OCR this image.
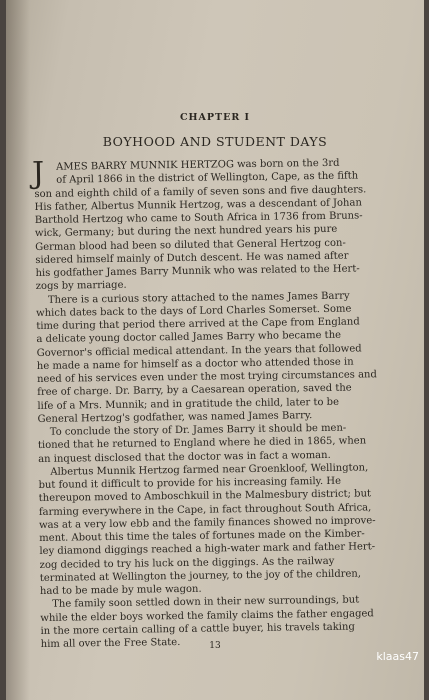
CHAPTER I
BOYHOOD AND STUDENT DAYS
J AMES BARRY MUNNIK HERTZOG was born on the 3rd
of April 1866 in the district of Wellington, Cape, as the fifth
son and eighth child of a family of seven sons and five daughters.
His father, Albertus Munnik Hertzog, was a descendant of Johan
Barthold Hertzog who came to South Africa in 1736 from Bruns-
wick, Germany; but during the next hundred years his pure
German blood had been so diluted that General Hertzog con-
sidered himself mainly of Dutch descent. He was named after
his godfather James Barry Munnik who was related to the Hert-
zogs by marriage.
There is a curious story attached to the names James Barry
which dates back to the days of Lord Charles Somerset. Some
time during that period there arrived at the Cape from England
a delicate young doctor called James Barry who became the
Governor's official medical attendant. In the years that followed
he made a name for himself as a doctor who attended those in
need of his services even under the most trying circumstances and
free of charge. Dr. Barry, by a Caesarean operation, saved the
life of a Mrs. Munnik; and in gratitude the child, later to be
General Hertzog's godfather, was named James Barry.
To conclude the story of Dr. James Barry it should be men-
tioned that he returned to England where he died in 1865, when
an inquest disclosed that the doctor was in fact a woman.
Albertus Munnik Hertzog farmed near Groenkloof, Wellington,
but found it difficult to provide for his increasing family. He
thereupon moved to Amboschkuil in the Malmesbury district; but
farming everywhere in the Cape, in fact throughout South Africa,
was at a very low ebb and the family finances showed no improve-
ment. About this time the tales of fortunes made on the Kimber-
ley diamond diggings reached a high-water mark and father Hert-
zog decided to try his luck on the diggings. As the railway
terminated at Wellington the journey, to the joy of the children,
had to be made by mule wagon.
The family soon settled down in their new surroundings, but
while the elder boys worked the family claims the father engaged
in the more certain calling of a cattle buyer, his travels taking
him all over the Free State.	13
klaas47
